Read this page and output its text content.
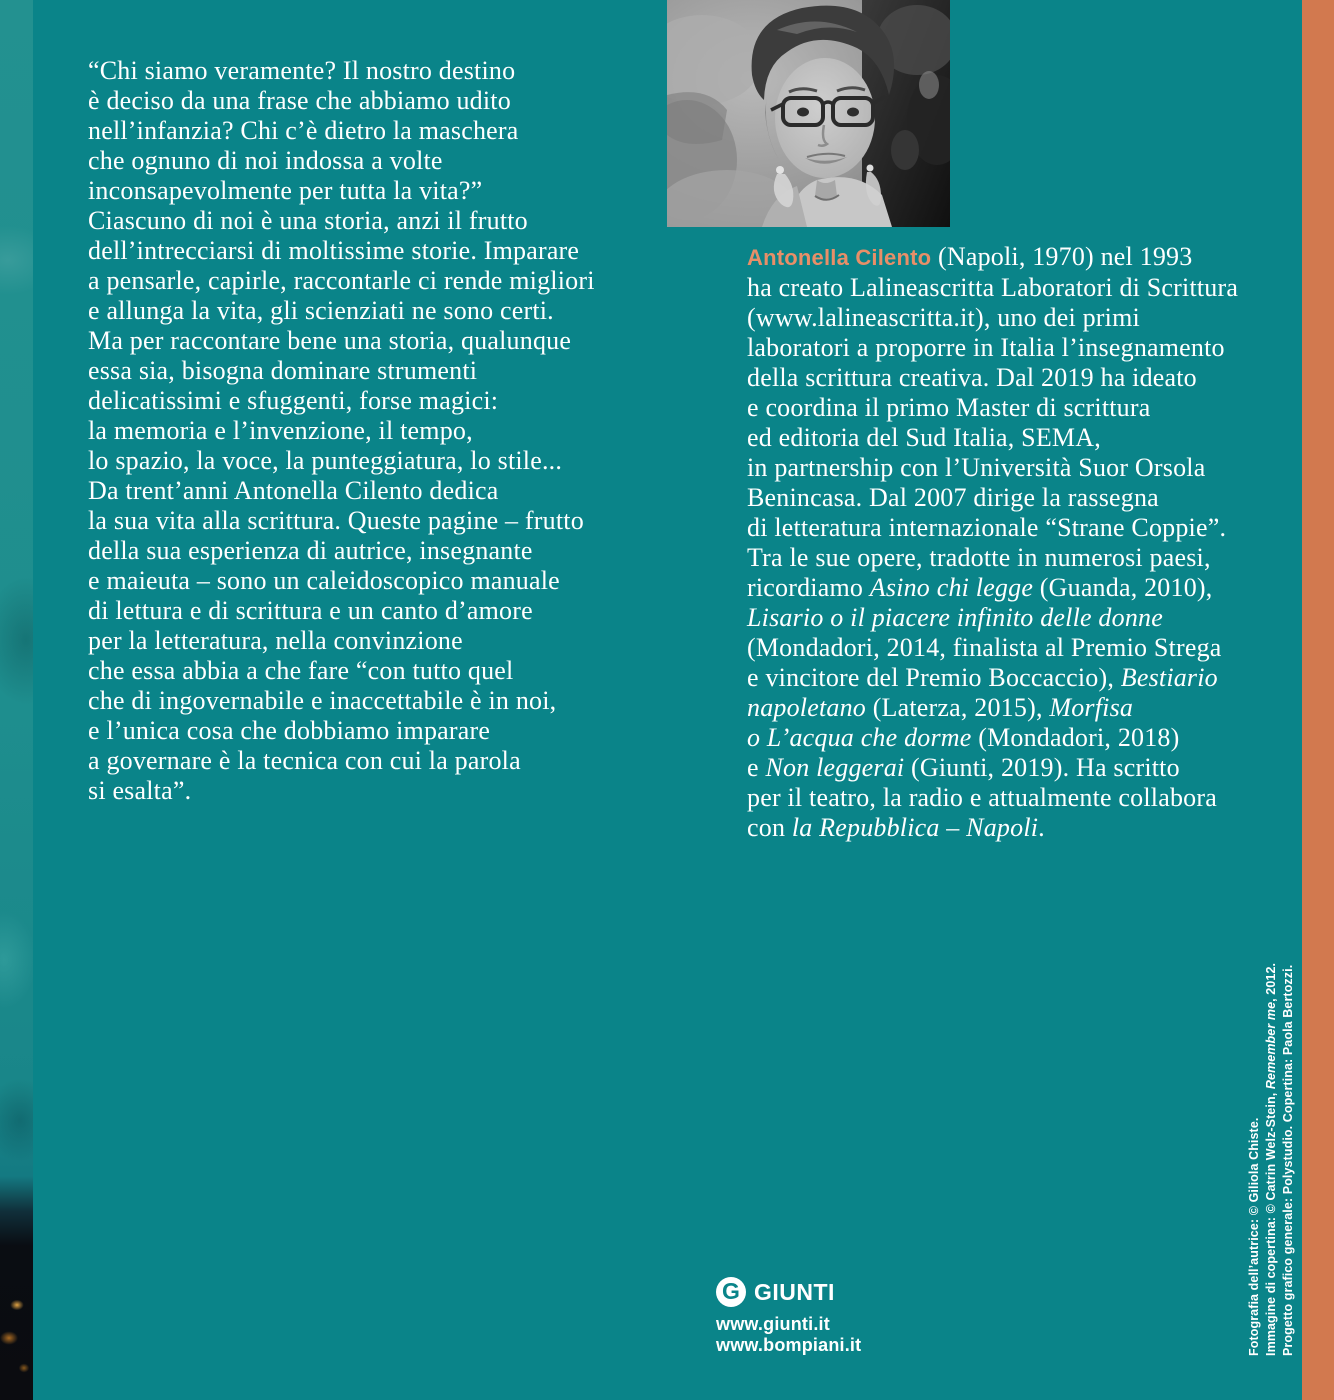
“Chi siamo veramente? Il nostro destino
è deciso da una frase che abbiamo udito
nell’infanzia? Chi c’è dietro la maschera
che ognuno di noi indossa a volte
inconsapevolmente per tutta la vita?”
Ciascuno di noi è una storia, anzi il frutto
dell’intrecciarsi di moltissime storie. Imparare
a pensarle, capirle, raccontarle ci rende migliori
e allunga la vita, gli scienziati ne sono certi.
Ma per raccontare bene una storia, qualunque
essa sia, bisogna dominare strumenti
delicatissimi e sfuggenti, forse magici:
la memoria e l’invenzione, il tempo,
lo spazio, la voce, la punteggiatura, lo stile...
Da trent’anni Antonella Cilento dedica
la sua vita alla scrittura. Queste pagine – frutto
della sua esperienza di autrice, insegnante
e maieuta – sono un caleidoscopico manuale
di lettura e di scrittura e un canto d’amore
per la letteratura, nella convinzione
che essa abbia a che fare “con tutto quel
che di ingovernabile e inaccettabile è in noi,
e l’unica cosa che dobbiamo imparare
a governare è la tecnica con cui la parola
si esalta”.
Antonella Cilento (Napoli, 1970) nel 1993
ha creato Lalineascritta Laboratori di Scrittura
(www.lalineascritta.it), uno dei primi
laboratori a proporre in Italia l’insegnamento
della scrittura creativa. Dal 2019 ha ideato
e coordina il primo Master di scrittura
ed editoria del Sud Italia, SEMA,
in partnership con l’Università Suor Orsola
Benincasa. Dal 2007 dirige la rassegna
di letteratura internazionale “Strane Coppie”.
Tra le sue opere, tradotte in numerosi paesi,
ricordiamo Asino chi legge (Guanda, 2010),
Lisario o il piacere infinito delle donne
(Mondadori, 2014, finalista al Premio Strega
e vincitore del Premio Boccaccio), Bestiario
napoletano (Laterza, 2015), Morfisa
o L’acqua che dorme (Mondadori, 2018)
e Non leggerai (Giunti, 2019). Ha scritto
per il teatro, la radio e attualmente collabora
con la Repubblica – Napoli.
Fotografia dell’autrice: © Giliola Chiste. Immagine di copertina: © Catrin Welz-Stein, Remember me, 2012. Progetto grafico generale: Polystudio. Copertina: Paola Bertozzi.
G GIUNTI
www.giunti.it
www.bompiani.it
